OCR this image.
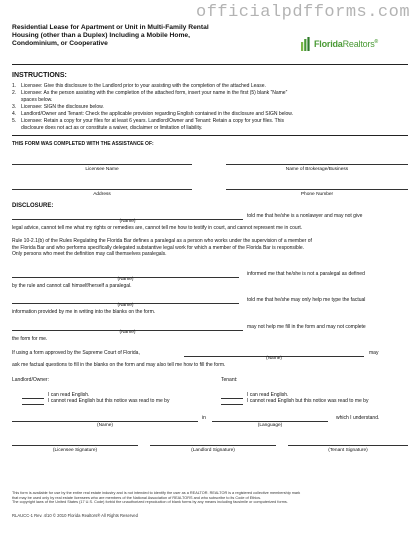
officialpdfforms.com
Residential Lease for Apartment or Unit in Multi-Family Rental
Housing (other than a Duplex) Including a Mobile Home,
Condominium, or Cooperative	FloridaRealtors®
INSTRUCTIONS:
1. Licensee: Give this disclosure to the Landlord prior to your assisting with the completion of the attached Lease.
2. Licensee: As the person assisting with the completion of the attached form, insert your name in the first (5) blank “Name”
spaces below.
3. Licensee: SIGN the disclosure below.
4. Landlord/Owner and Tenant: Check the applicable provision regarding English contained in the disclosure and SIGN below.
5. Licensee: Retain a copy for your files for at least 6 years. Landlord/Owner and Tenant: Retain a copy for your files. This
disclosure does not act as or constitute a waiver, disclaimer or limitation of liability.
THIS FORM WAS COMPLETED WITH THE ASSISTANCE OF:
Licensee Name	Name of Brokerage/Business
Address	Phone Number
DISCLOSURE:
told me that he/she is a nonlawyer and may not give
(Name)
legal advice, cannot tell me what my rights or remedies are, cannot tell me how to testify in court, and cannot represent me in court.
Rule 10-2.1(b) of the Rules Regulating the Florida Bar defines a paralegal as a person who works under the supervision of a member of
the Florida Bar and who performs specifically delegated substantive legal work for which a member of the Florida Bar is responsible.
Only persons who meet the definition may call themselves paralegals.
informed me that he/she is not a paralegal as defined
(Name)
by the rule and cannot call himself/herself a paralegal.
told me that he/she may only help me type the factual
(Name)
information provided by me in writing into the blanks on the form.
may not help me fill in the form and may not complete
(Name)
the form for me.
If using a form approved by the Supreme Court of Florida,	may
(Name)
ask me factual questions to fill in the blanks on the form and may also tell me how to fill the form.
Landlord/Owner:	Tenant:
I can read English.
I cannot read English but this notice was read to me by
I can read English.
I cannot read English but this notice was read to me by
in	which I understand.
(Name)	(Language)
(Licensee Signature)	(Landlord Signature)	(Tenant Signature)
This form is available for use by the entire real estate industry and is not intended to identify the user as a REALTOR. REALTOR is a registered collective membership mark
that may be used only by real estate licensees who are members of the National Association of REALTORS and who subscribe to its Code of Ethics.
The copyright laws of the United States (17 U.S. Code) forbid the unauthorized reproduction of blank forms by any means including facsimile or computerized forms.
RLAUCC-1 Rev. 4/10 © 2010 Florida Realtors® All Rights Reserved
